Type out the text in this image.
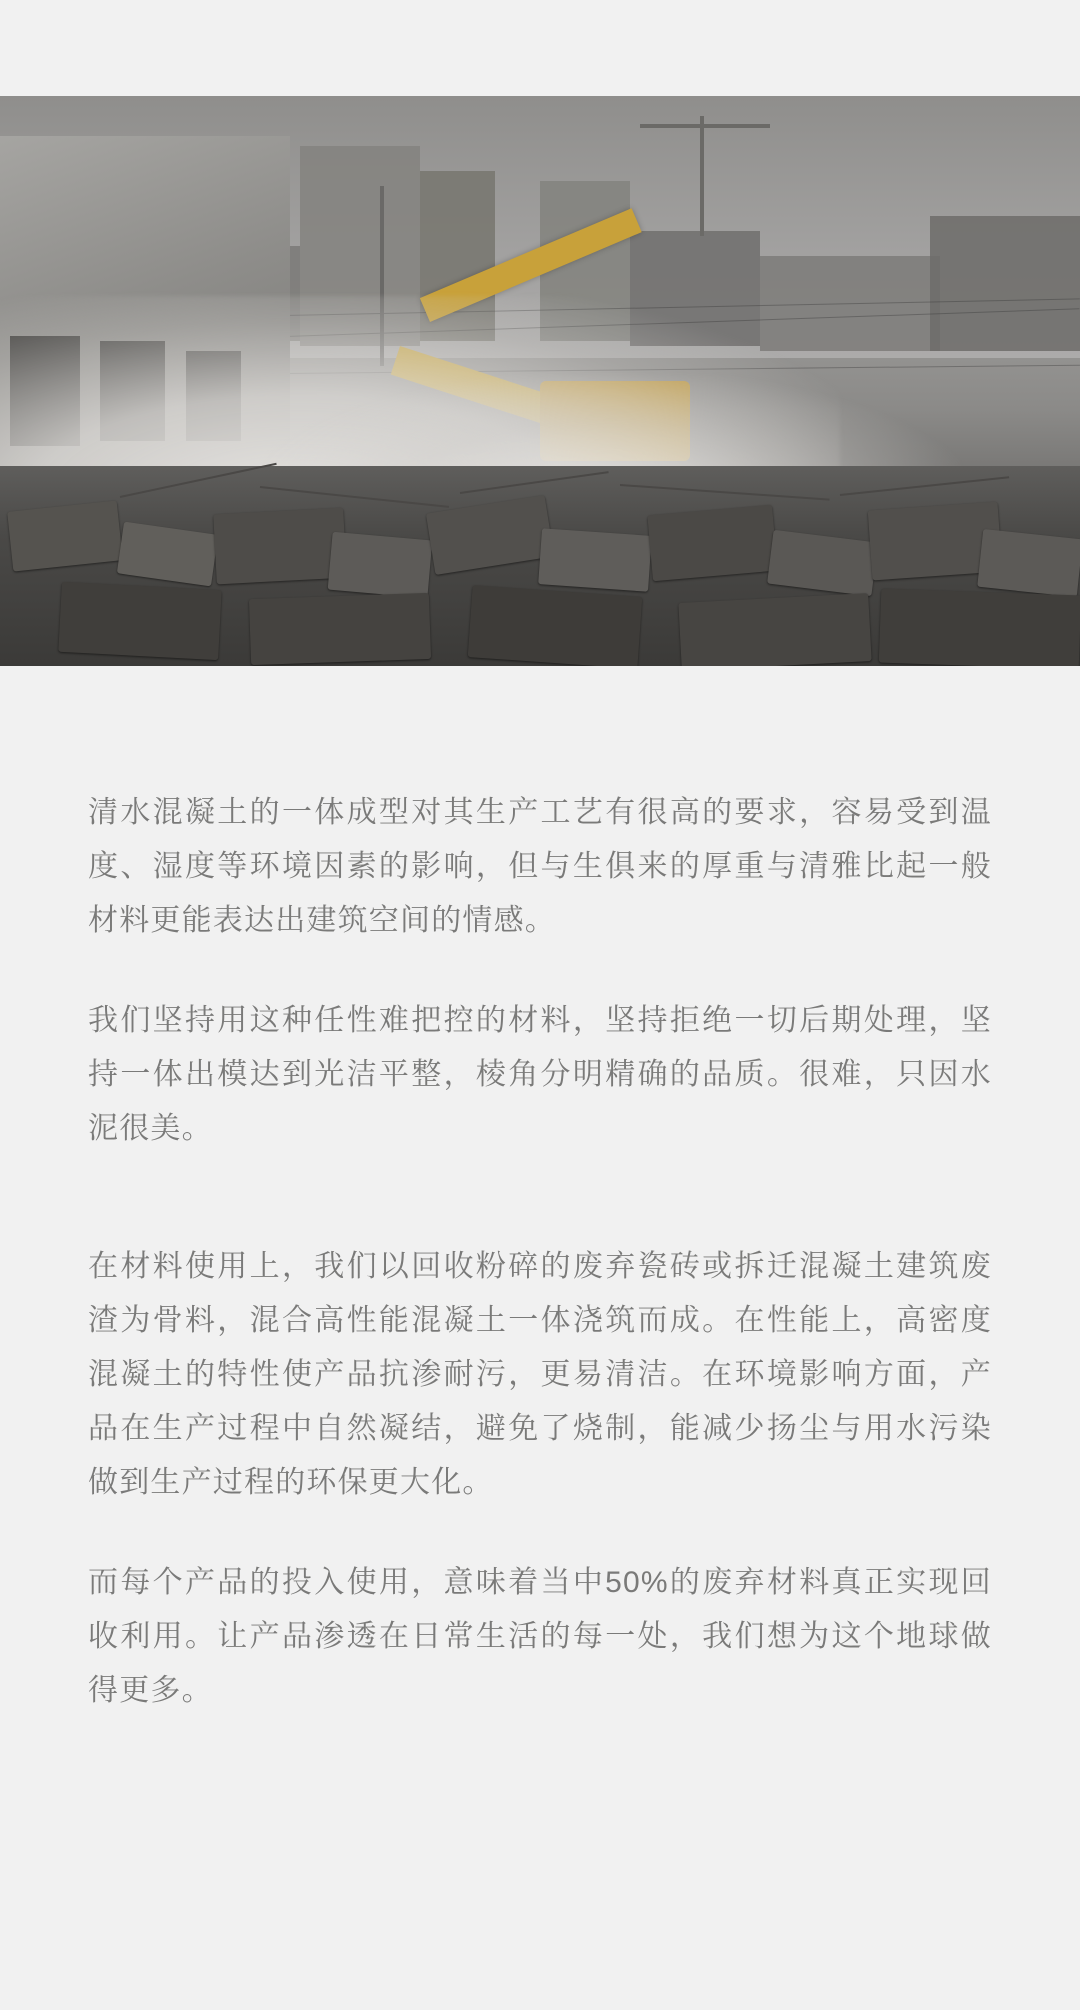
清水混凝土的一体成型对其生产工艺有很高的要求，容易受到温度、湿度等环境因素的影响，但与生俱来的厚重与清雅比起一般材料更能表达出建筑空间的情感。

我们坚持用这种任性难把控的材料，坚持拒绝一切后期处理，坚持一体出模达到光洁平整，棱角分明精确的品质。很难，只因水泥很美。

在材料使用上，我们以回收粉碎的废弃瓷砖或拆迁混凝土建筑废渣为骨料，混合高性能混凝土一体浇筑而成。在性能上，高密度混凝土的特性使产品抗渗耐污，更易清洁。在环境影响方面，产品在生产过程中自然凝结，避免了烧制，能减少扬尘与用水污染做到生产过程的环保更大化。

而每个产品的投入使用，意味着当中50%的废弃材料真正实现回收利用。让产品渗透在日常生活的每一处，我们想为这个地球做得更多。
